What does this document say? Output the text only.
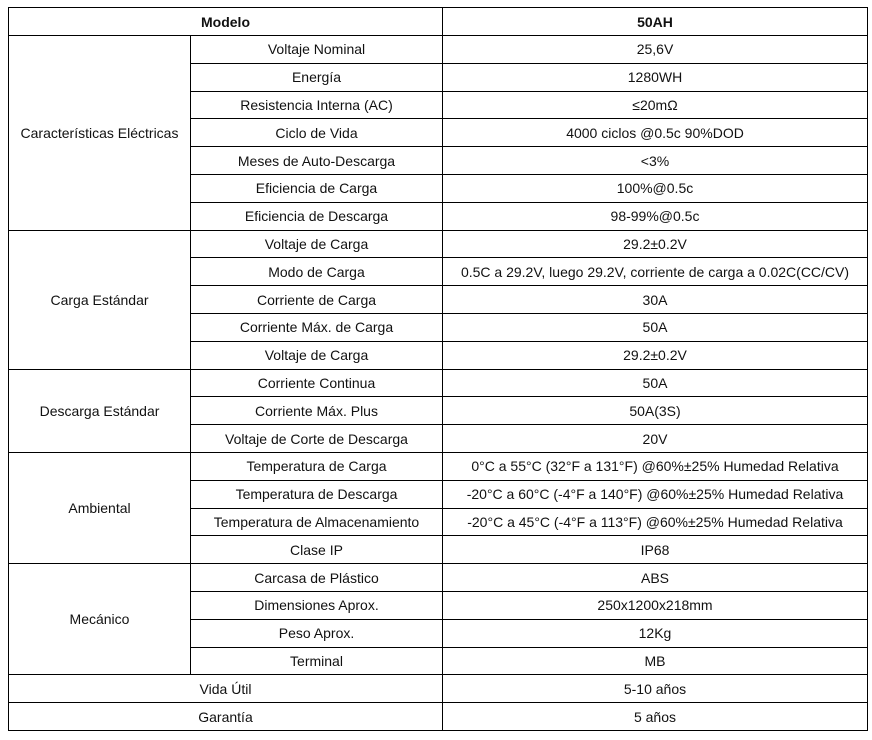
Modelo		50AH
Características Eléctricas	Voltaje Nominal	25,6V
	Energía	1280WH
	Resistencia Interna (AC)	≤20mΩ
	Ciclo de Vida	4000 ciclos @0.5c 90%DOD
	Meses de Auto-Descarga	<3%
	Eficiencia de Carga	100%@0.5c
	Eficiencia de Descarga	98-99%@0.5c
Carga Estándar	Voltaje de Carga	29.2±0.2V
	Modo de Carga	0.5C a 29.2V, luego 29.2V, corriente de carga a 0.02C(CC/CV)
	Corriente de Carga	30A
	Corriente Máx. de Carga	50A
	Voltaje de Carga	29.2±0.2V
Descarga Estándar	Corriente Continua	50A
	Corriente Máx. Plus	50A(3S)
	Voltaje de Corte de Descarga	20V
Ambiental	Temperatura de Carga	0°C a 55°C (32°F a 131°F) @60%±25% Humedad Relativa
	Temperatura de Descarga	-20°C a 60°C (-4°F a 140°F) @60%±25% Humedad Relativa
	Temperatura de Almacenamiento	-20°C a 45°C (-4°F a 113°F) @60%±25% Humedad Relativa
	Clase IP	IP68
Mecánico	Carcasa de Plástico	ABS
	Dimensiones Aprox.	250x1200x218mm
	Peso Aprox.	12Kg
	Terminal	MB
Vida Útil		5-10 años
Garantía		5 años
